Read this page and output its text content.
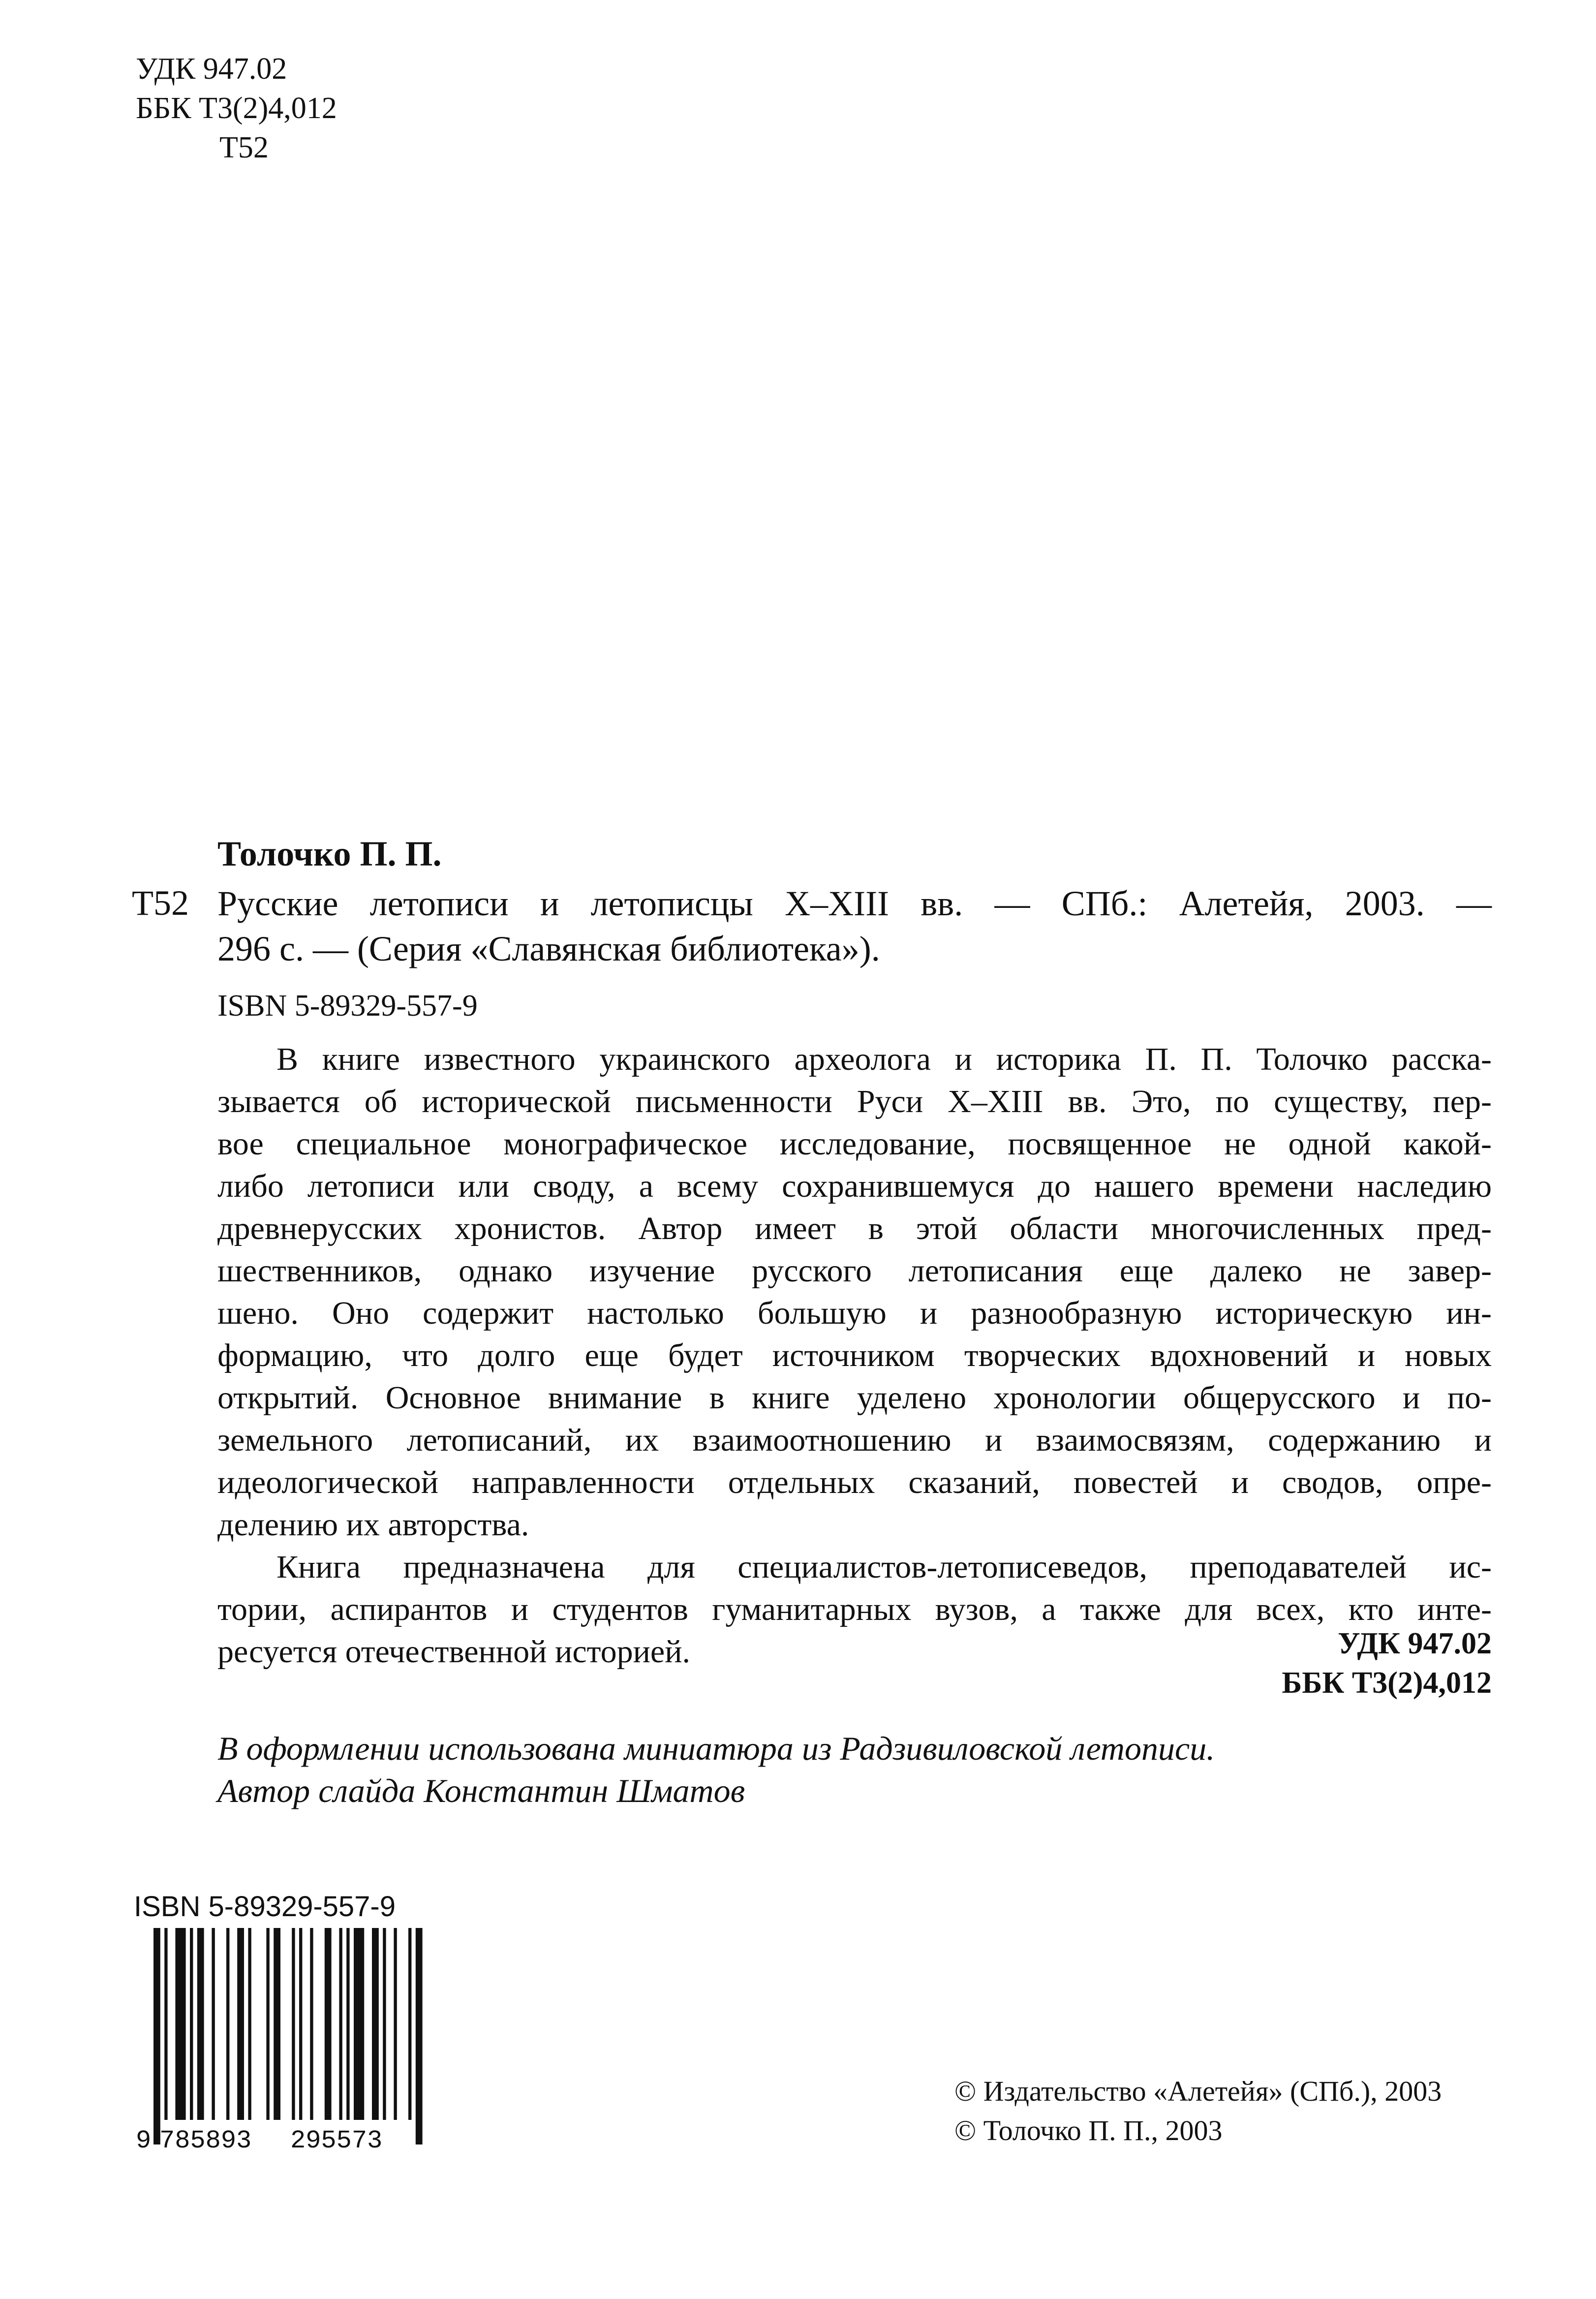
УДК 947.02
ББК Т3(2)4,012
Т52
Толочко П. П.
Т52 Русские летописи и летописцы Х–XIII вв. — СПб.: Алетейя, 2003. —
296 с. — (Серия «Славянская библиотека»).
ISBN 5-89329-557-9

В книге известного украинского археолога и историка П. П. Толочко расска-
зывается об исторической письменности Руси Х–XIII вв. Это, по существу, пер-
вое специальное монографическое исследование, посвященное не одной какой-
либо летописи или своду, а всему сохранившемуся до нашего времени наследию
древнерусских хронистов. Автор имеет в этой области многочисленных пред-
шественников, однако изучение русского летописания еще далеко не завер-
шено. Оно содержит настолько большую и разнообразную историческую ин-
формацию, что долго еще будет источником творческих вдохновений и новых
открытий. Основное внимание в книге уделено хронологии общерусского и по-
земельного летописаний, их взаимоотношению и взаимосвязям, содержанию и
идеологической направленности отдельных сказаний, повестей и сводов, опре-
делению их авторства.

Книга предназначена для специалистов-летописеведов, преподавателей ис-
тории, аспирантов и студентов гуманитарных вузов, а также для всех, кто инте-
ресуется отечественной историей.	УДК 947.02
ББК Т3(2)4,012
В оформлении использована миниатюра из Радзивиловской летописи.
Автор слайда Константин Шматов
ISBN 5-89329-557-9
9 785893 295573
© Издательство «Алетейя» (СПб.), 2003
© Толочко П. П., 2003
